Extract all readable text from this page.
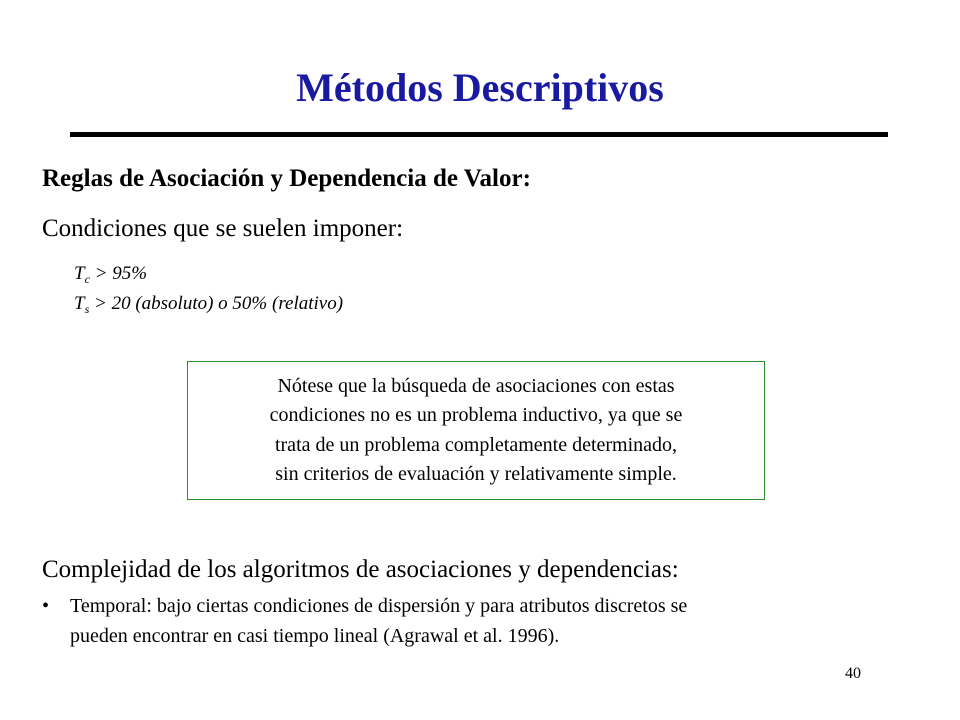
Métodos Descriptivos
Reglas de Asociación y Dependencia de Valor:
Condiciones que se suelen imponer:
$T_c > 95\%$
$T_s > 20$ (absoluto) o 50% (relativo)
Nótese que la búsqueda de asociaciones con estas
condiciones no es un problema inductivo, ya que se
trata de un problema completamente determinado,
sin criterios de evaluación y relativamente simple.
Complejidad de los algoritmos de asociaciones y dependencias:
• Temporal: bajo ciertas condiciones de dispersión y para atributos discretos se
pueden encontrar en casi tiempo lineal (Agrawal et al. 1996).
40
